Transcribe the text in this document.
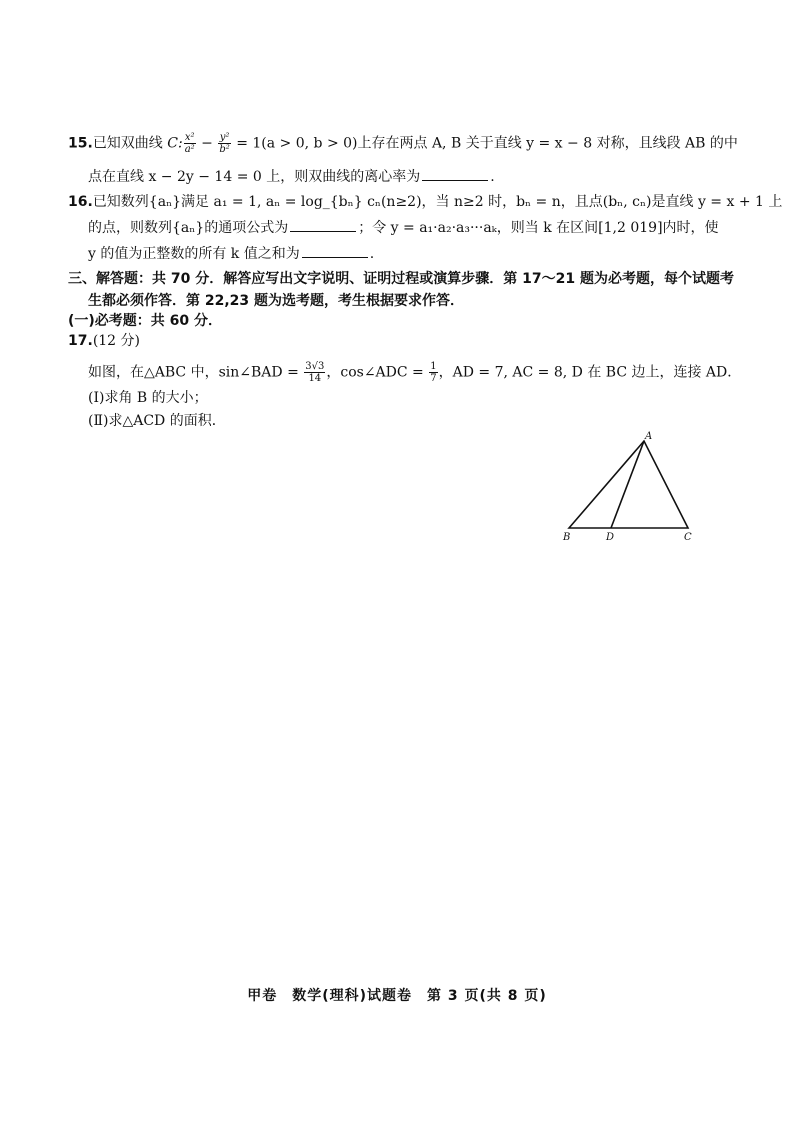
15.已知双曲线 C: $\frac{\text{x²}}{\text{a²}} - \frac{\text{y²}}{\text{b²}} = 1(a > 0$, b > 0)上存在两点 A, B 关于直线 y = x − 8 对称，且线段 AB 的中
点在直线 x − 2y − 14 = 0 上，则双曲线的离心率为	.
16.已知数列{aₙ}满足 a₁ = 1, aₙ = log_{bₙ} cₙ(n≥2)，当 n≥2 时，bₙ = n，且点(bₙ, cₙ)是直线 y = x + 1 上
的点，则数列{aₙ}的通项公式为	；令 y = a₁·a₂·a₃···aₖ，则当 k 在区间[1,2 019]内时，使
y 的值为正整数的所有 k 值之和为	.
三、解答题：共 70 分．解答应写出文字说明、证明过程或演算步骤．第 17～21 题为必考题，每个试题考
生都必须作答．第 22,23 题为选考题，考生根据要求作答．
(一)必考题：共 60 分．
17.(12 分)
如图，在△ABC 中，sin∠BAD = $\frac{3√3}{14}$ ，cos∠ADC = $\frac{1}{7}$ ，AD = 7, AC = 8, D 在 BC 边上，连接 AD．
(Ⅰ)求角 B 的大小；
(Ⅱ)求△ACD 的面积．
A
B	D	C
甲卷　数学(理科)试题卷　第 3 页(共 8 页)
